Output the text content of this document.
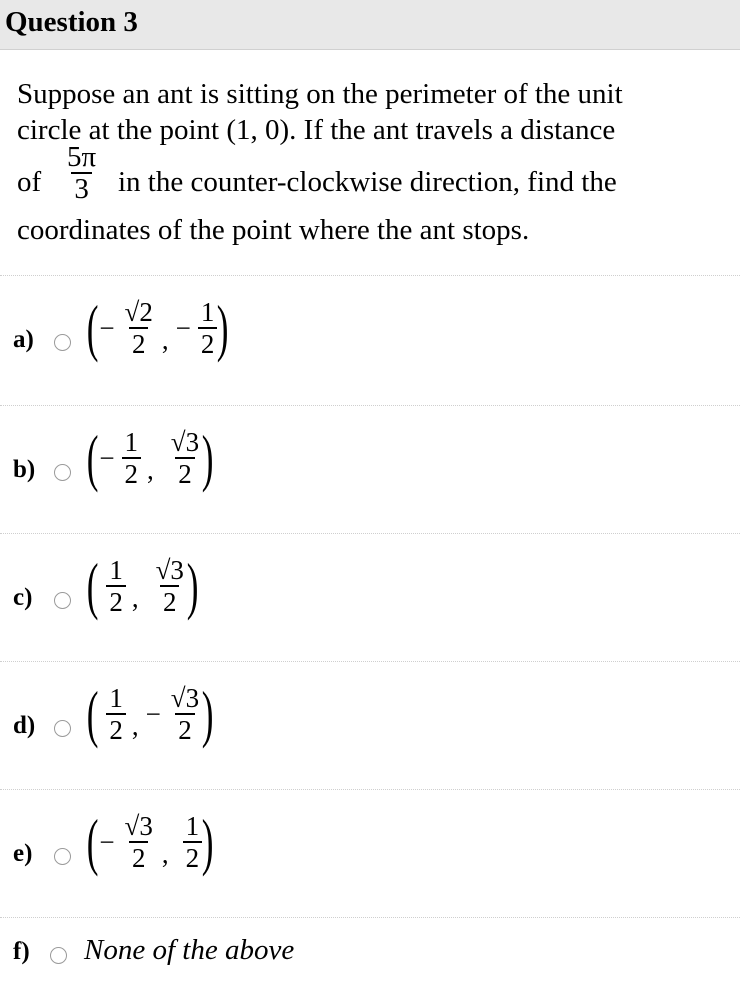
Question 3
Suppose an ant is sitting on the perimeter of the unit
circle at the point (1, 0). If the ant travels a distance
of $\frac{5\pi}{3}$ in the counter-clockwise direction, find the
coordinates of the point where the ant stops.
a) ( − $\frac{√2}{2}$ , − $\frac{1}{2}$ )
b) ( − $\frac{1}{2}$ , $\frac{√3}{2}$ )
c) ( $\frac{1}{2}$ , $\frac{√3}{2}$ )
d) ( $\frac{1}{2}$ , − $\frac{√3}{2}$ )
e) ( − $\frac{√3}{2}$ , $\frac{1}{2}$ )
f) None of the above
